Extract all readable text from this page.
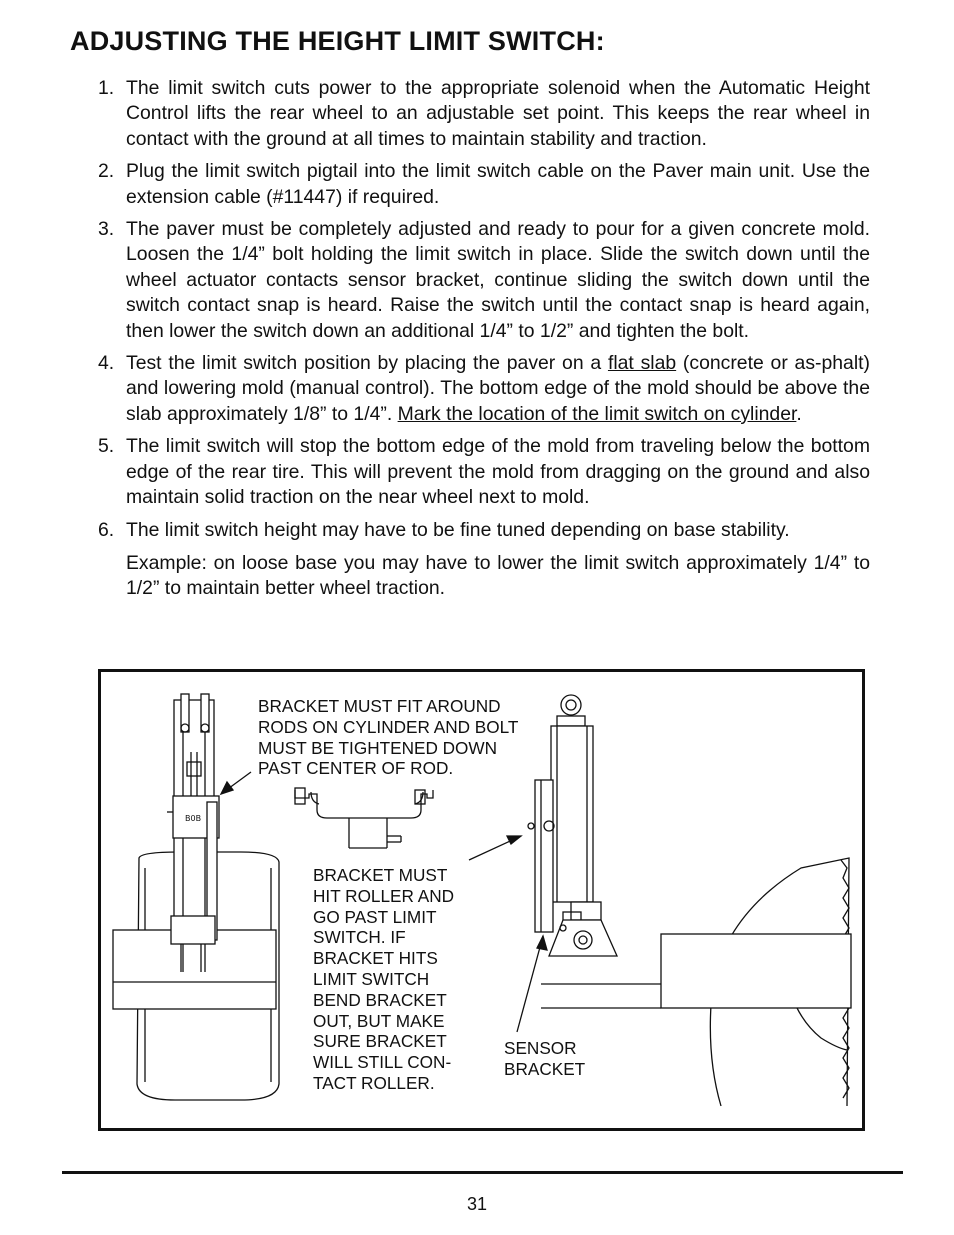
ADJUSTING THE HEIGHT LIMIT SWITCH:
1. The limit switch cuts power to the appropriate solenoid when the Automatic Height Control lifts the rear wheel to an adjustable set point. This keeps the rear wheel in contact with the ground at all times to maintain stability and traction.

2. Plug the limit switch pigtail into the limit switch cable on the Paver main unit. Use the extension cable (#11447) if required.

3. The paver must be completely adjusted and ready to pour for a given concrete mold. Loosen the 1/4” bolt holding the limit switch in place. Slide the switch down until the wheel actuator contacts sensor bracket, continue sliding the switch down until the switch contact snap is heard. Raise the switch until the contact snap is heard again, then lower the switch down an additional 1/4” to 1/2” and tighten the bolt.

4. Test the limit switch position by placing the paver on a flat slab (concrete or as-phalt) and lowering mold (manual control). The bottom edge of the mold should be above the slab approximately 1/8” to 1/4”. Mark the location of the limit switch on cylinder.

5. The limit switch will stop the bottom edge of the mold from traveling below the bottom edge of the rear tire. This will prevent the mold from dragging on the ground and also maintain solid traction on the near wheel next to mold.

6. The limit switch height may have to be fine tuned depending on base stability.

Example: on loose base you may have to lower the limit switch approximately 1/4” to 1/2” to maintain better wheel traction.

B0B

BRACKET MUST FIT AROUND
RODS ON CYLINDER AND BOLT
MUST BE TIGHTENED DOWN
PAST CENTER OF ROD.

BRACKET MUST
HIT ROLLER AND
GO PAST LIMIT
SWITCH. IF
BRACKET HITS
LIMIT SWITCH
BEND BRACKET
OUT, BUT MAKE
SURE BRACKET
WILL STILL CON-
TACT ROLLER.

SENSOR
BRACKET

31
